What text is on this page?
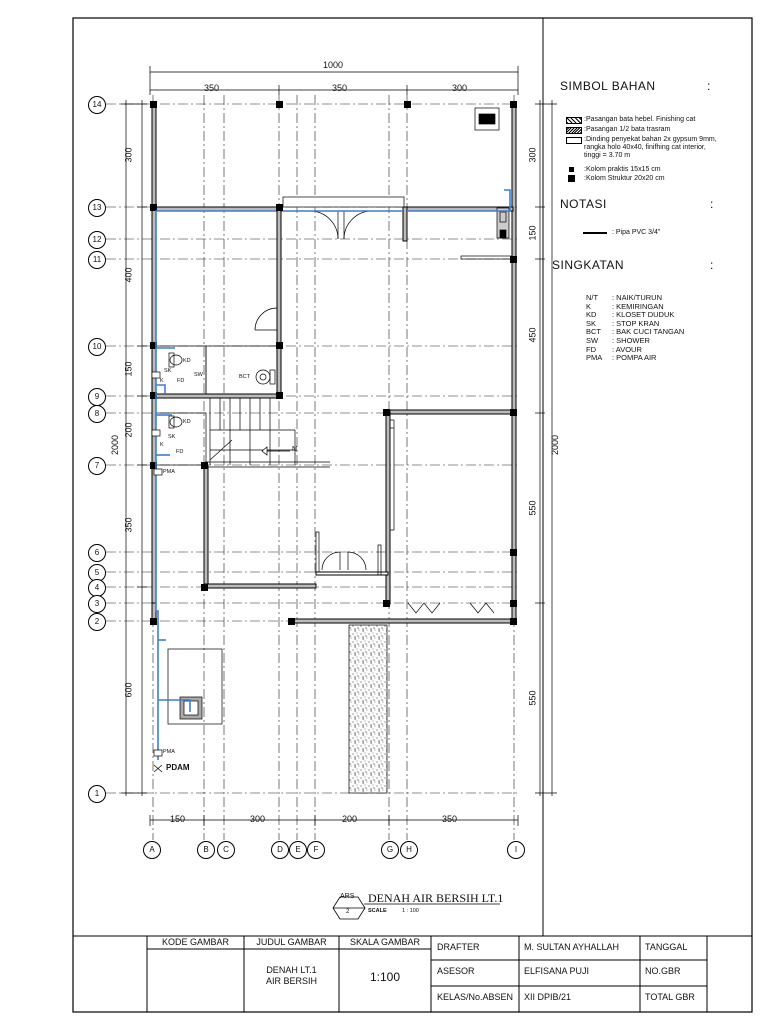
1000
350	350	300
150	300	200	350
300
400
150
200
350
600
2000
300
150
450
550
550
2000
14
13
12
11
10
9
8
7
6
5
4
3
2
1
A	B	C	D	E	F	G	H	I
KD
FD
SW	BCT
SK
K
KD
SK
K
FD
PMA
PMA
PDAM
N
SIMBOL BAHAN	:
:Pasangan bata hebel. Finishing cat
:Pasangan 1/2 bata trasram
:Dinding penyekat bahan 2x gypsum 9mm,
rangka holo 40x40, finifhing cat interior,
tinggi = 3.70 m
:Kolom praktis 15x15 cm
:Kolom Struktur 20x20 cm
NOTASI	:
: Pipa PVC 3/4"
SINGKATAN	:
N/T : NAIK/TURUN
K	: KEMIRINGAN
KD : KLOSET DUDUK
SK : STOP KRAN
BCT : BAK CUCI TANGAN
SW : SHOWER
FD : AVOUR
PMA : POMPA AIR
ARS
2
DENAH AIR BERSIH LT.1
SCALE	1 : 100
KODE GAMBAR	JUDUL GAMBAR	SKALA GAMBAR
DENAH LT.1
AIR BERSIH	1:100
DRAFTER	M. SULTAN AYHALLAH	TANGGAL
ASESOR	ELFISANA PUJI	NO.GBR
KELAS/No.ABSEN XII DPIB/21	TOTAL GBR
